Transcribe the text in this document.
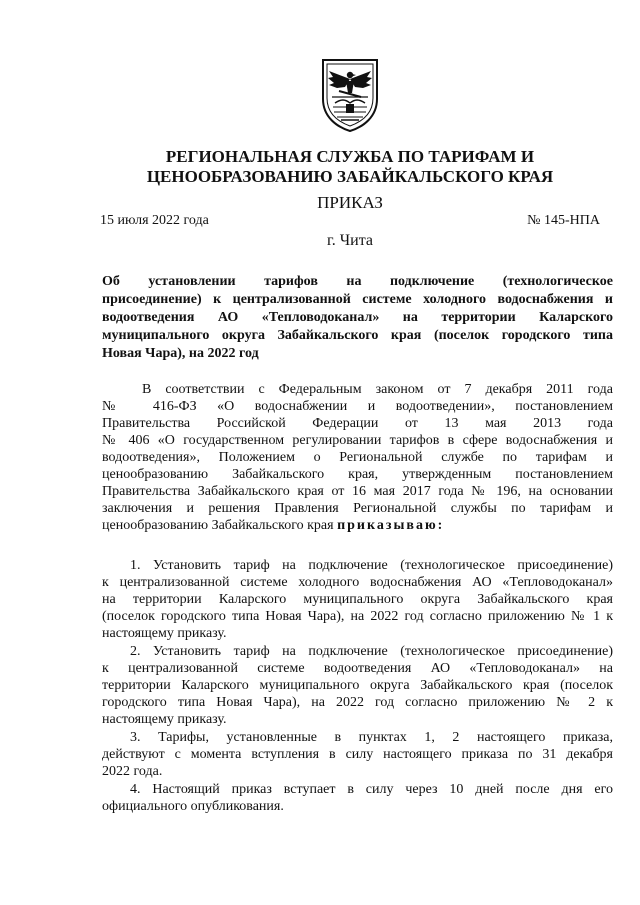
РЕГИОНАЛЬНАЯ СЛУЖБА ПО ТАРИФАМ И
ЦЕНООБРАЗОВАНИЮ ЗАБАЙКАЛЬСКОГО КРАЯ
ПРИКАЗ
15 июля 2022 года	№ 145-НПА
г. Чита
Об установлении тарифов на подключение (технологическое
присоединение) к централизованной системе холодного водоснабжения и
водоотведения АО «Тепловодоканал» на территории Каларского
муниципального округа Забайкальского края (поселок городского типа
Новая Чара), на 2022 год
В соответствии с Федеральным законом от 7 декабря 2011 года
№ 416-ФЗ «О водоснабжении и водоотведении», постановлением
Правительства Российской Федерации от 13 мая 2013 года
№ 406 «О государственном регулировании тарифов в сфере водоснабжения и
водоотведения», Положением о Региональной службе по тарифам и
ценообразованию Забайкальского края, утвержденным постановлением
Правительства Забайкальского края от 16 мая 2017 года № 196, на основании
заключения и решения Правления Региональной службы по тарифам и
ценообразованию Забайкальского края приказываю:
1. Установить тариф на подключение (технологическое присоединение)
к централизованной системе холодного водоснабжения АО «Тепловодоканал»
на территории Каларского муниципального округа Забайкальского края
(поселок городского типа Новая Чара), на 2022 год согласно приложению № 1 к
настоящему приказу.
2. Установить тариф на подключение (технологическое присоединение)
к централизованной системе водоотведения АО «Тепловодоканал» на
территории Каларского муниципального округа Забайкальского края (поселок
городского типа Новая Чара), на 2022 год согласно приложению № 2 к
настоящему приказу.
3. Тарифы, установленные в пунктах 1, 2 настоящего приказа,
действуют с момента вступления в силу настоящего приказа по 31 декабря
2022 года.
4. Настоящий приказ вступает в силу через 10 дней после дня его
официального опубликования.
